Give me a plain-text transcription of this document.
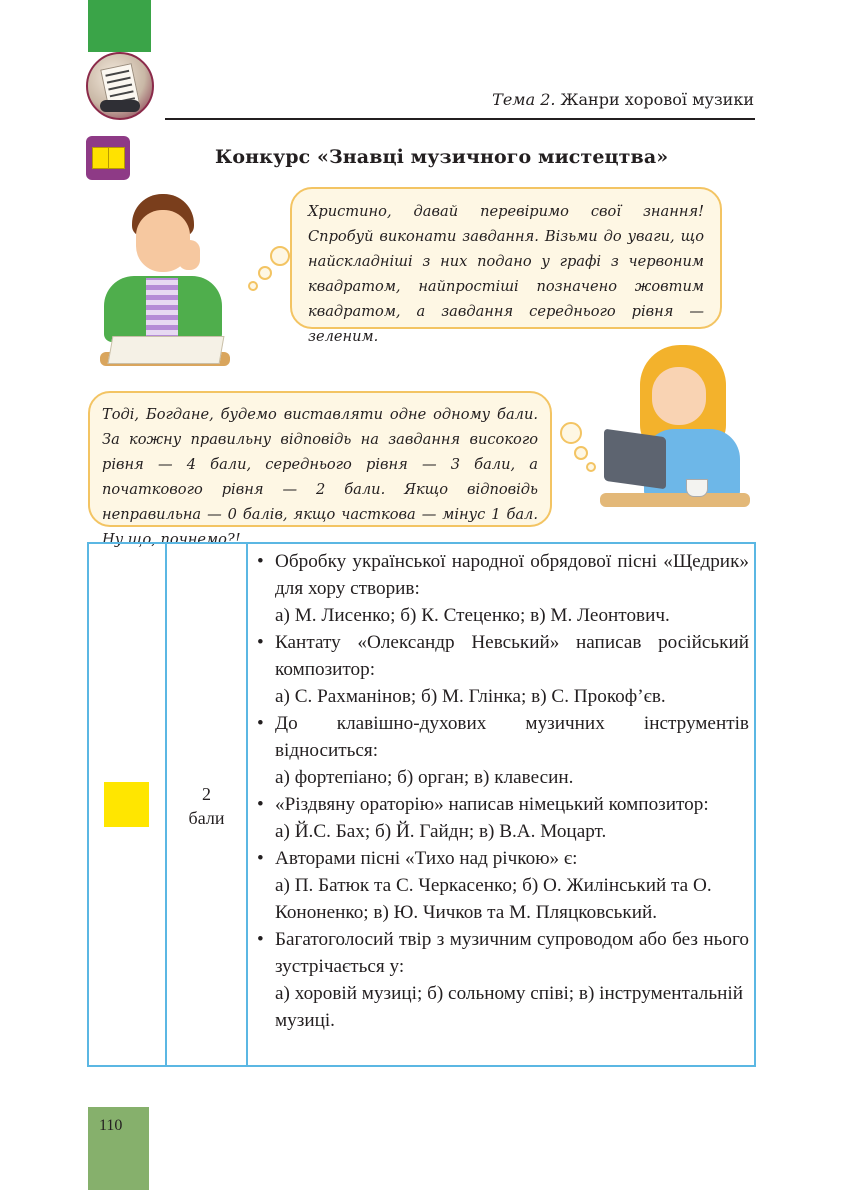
Тема 2. Жанри хорової музики
Конкурс «Знавці музичного мистецтва»
Христино, давай перевіримо свої знання! Спробуй виконати завдання. Візьми до уваги, що найскладніші з них подано у графі з червоним квадратом, найпростіші позначено жовтим квадратом, а завдання середнього рівня — зеленим.
Тоді, Богдане, будемо виставляти одне одному бали. За кожну правильну відповідь на завдання високого рівня — 4 бали, середнього рівня — 3 бали, а початкового рівня — 2 бали. Якщо відповідь неправильна — 0 балів, якщо часткова — мінус 1 бал. Ну що, почнемо?!
2
бали
• Обробку української народної обрядової пісні «Щедрик» для хору створив:
а) М. Лисенко; б) К. Стеценко; в) М. Леонтович.
• Кантату «Олександр Невський» написав російський композитор:
а) С. Рахманінов; б) М. Глінка; в) С. Прокоф’єв.
• До клавішно-духових музичних інструментів відноситься:
а) фортепіано; б) орган; в) клавесин.
• «Різдвяну ораторію» написав німецький композитор:
а) Й.С. Бах; б) Й. Гайдн; в) В.А. Моцарт.
• Авторами пісні «Тихо над річкою» є:
а) П. Батюк та С. Черкасенко; б) О. Жилінський та О. Кононенко; в) Ю. Чичков та М. Пляцковський.
• Багатоголосий твір з музичним супроводом або без нього зустрічається у:
а) хоровій музиці; б) сольному співі; в) інструментальній музиці.
110
